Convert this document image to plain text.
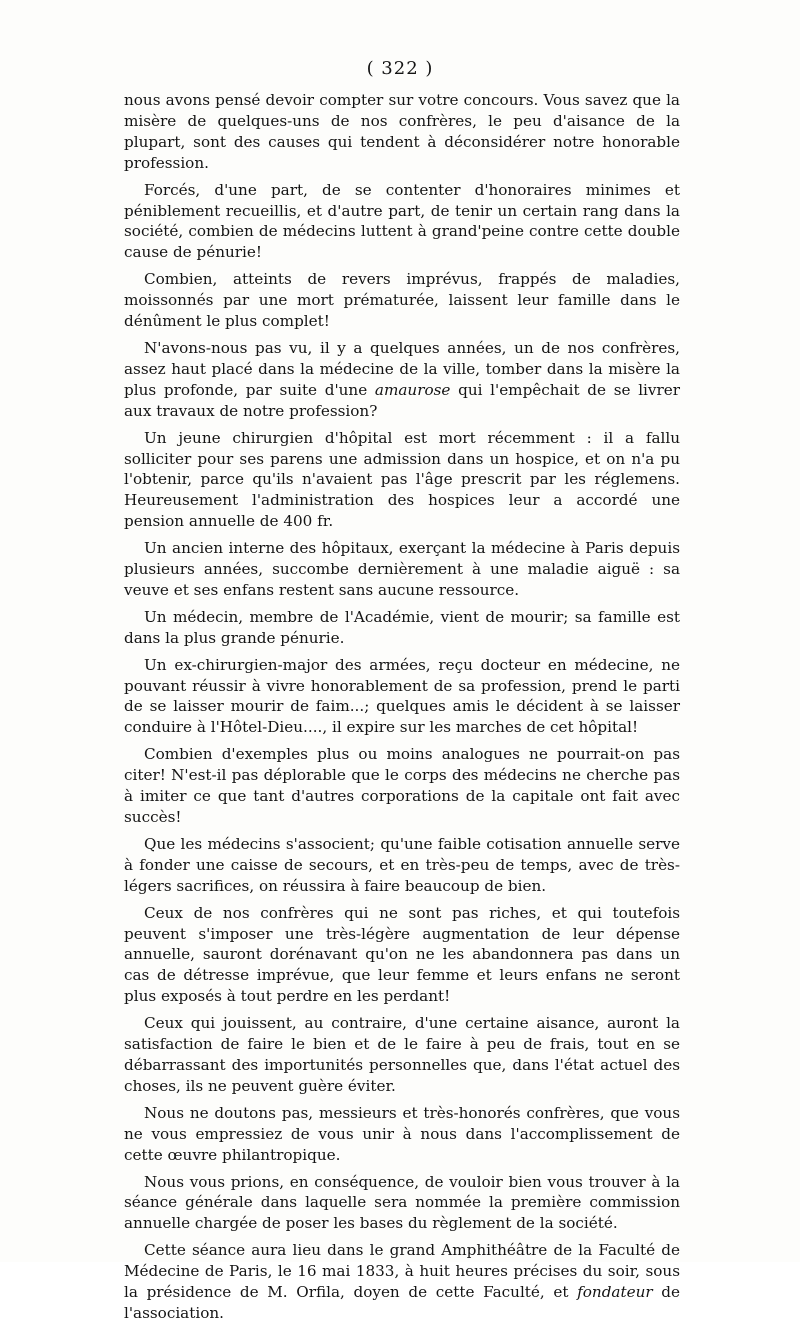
( 322 )

nous avons pensé devoir compter sur votre concours. Vous savez que la misère de quelques-uns de nos confrères, le peu d'aisance de la plupart, sont des causes qui tendent à déconsidérer notre honorable profession.

Forcés, d'une part, de se contenter d'honoraires minimes et péniblement recueillis, et d'autre part, de tenir un certain rang dans la société, combien de médecins luttent à grand'peine contre cette double cause de pénurie!

Combien, atteints de revers imprévus, frappés de maladies, moissonnés par une mort prématurée, laissent leur famille dans le dénûment le plus complet!

N'avons-nous pas vu, il y a quelques années, un de nos confrères, assez haut placé dans la médecine de la ville, tomber dans la misère la plus profonde, par suite d'une amaurose qui l'empêchait de se livrer aux travaux de notre profession?

Un jeune chirurgien d'hôpital est mort récemment : il a fallu solliciter pour ses parens une admission dans un hospice, et on n'a pu l'obtenir, parce qu'ils n'avaient pas l'âge prescrit par les réglemens. Heureusement l'administration des hospices leur a accordé une pension annuelle de 400 fr.

Un ancien interne des hôpitaux, exerçant la médecine à Paris depuis plusieurs années, succombe dernièrement à une maladie aiguë : sa veuve et ses enfans restent sans aucune ressource.

Un médecin, membre de l'Académie, vient de mourir; sa famille est dans la plus grande pénurie.

Un ex-chirurgien-major des armées, reçu docteur en médecine, ne pouvant réussir à vivre honorablement de sa profession, prend le parti de se laisser mourir de faim...; quelques amis le décident à se laisser conduire à l'Hôtel-Dieu...., il expire sur les marches de cet hôpital!

Combien d'exemples plus ou moins analogues ne pourrait-on pas citer! N'est-il pas déplorable que le corps des médecins ne cherche pas à imiter ce que tant d'autres corporations de la capitale ont fait avec succès!

Que les médecins s'associent; qu'une faible cotisation annuelle serve à fonder une caisse de secours, et en très-peu de temps, avec de très-légers sacrifices, on réussira à faire beaucoup de bien.

Ceux de nos confrères qui ne sont pas riches, et qui toutefois peuvent s'imposer une très-légère augmentation de leur dépense annuelle, sauront dorénavant qu'on ne les abandonnera pas dans un cas de détresse imprévue, que leur femme et leurs enfans ne seront plus exposés à tout perdre en les perdant!

Ceux qui jouissent, au contraire, d'une certaine aisance, auront la satisfaction de faire le bien et de le faire à peu de frais, tout en se débarrassant des importunités personnelles que, dans l'état actuel des choses, ils ne peuvent guère éviter.

Nous ne doutons pas, messieurs et très-honorés confrères, que vous ne vous empressiez de vous unir à nous dans l'accomplissement de cette œuvre philantropique.

Nous vous prions, en conséquence, de vouloir bien vous trouver à la séance générale dans laquelle sera nommée la première commission annuelle chargée de poser les bases du règlement de la société.

Cette séance aura lieu dans le grand Amphithéâtre de la Faculté de Médecine de Paris, le 16 mai 1833, à huit heures précises du soir, sous la présidence de M. Orfila, doyen de cette Faculté, et fondateur de l'association.
